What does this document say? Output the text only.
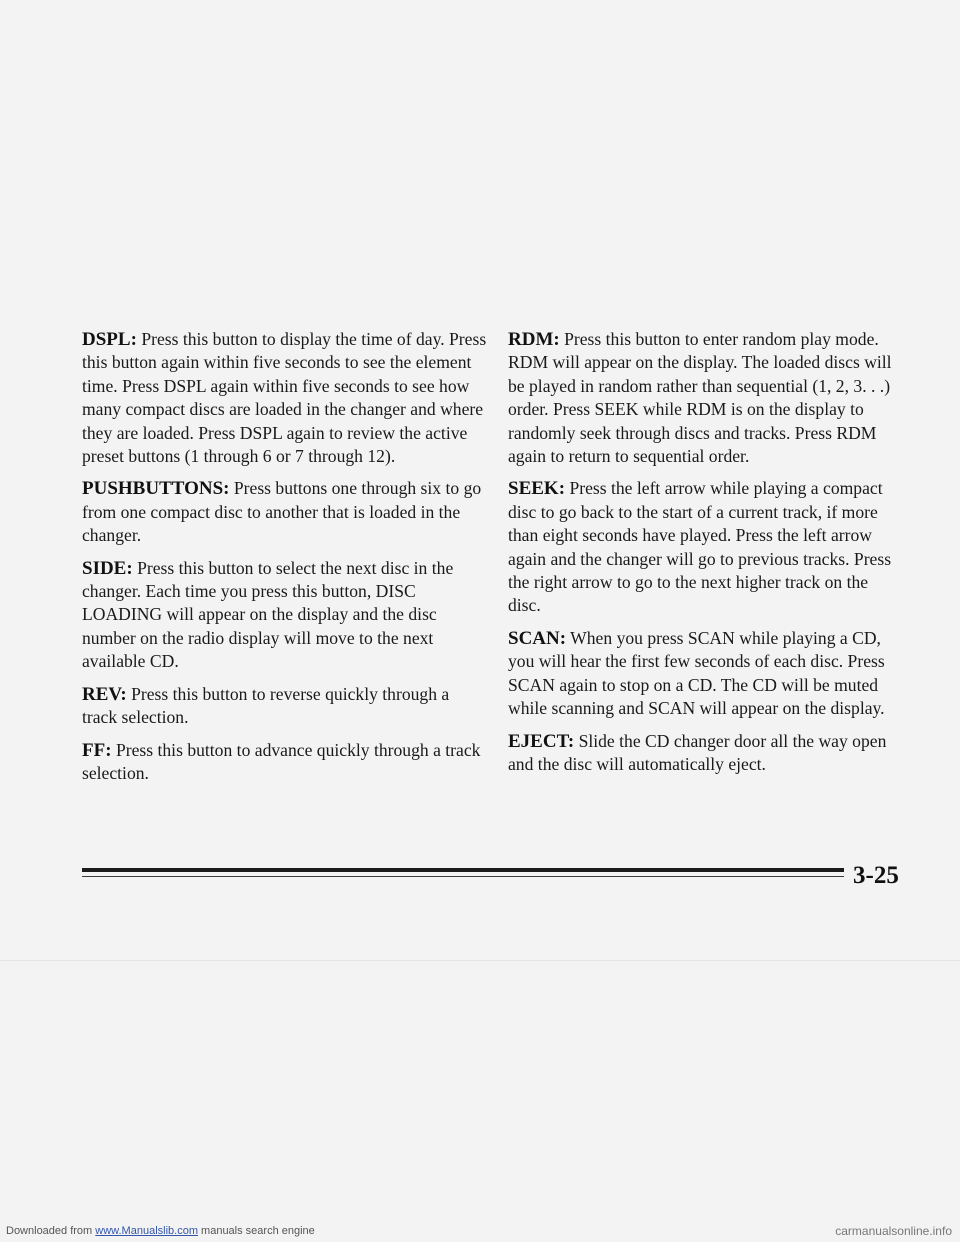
DSPL: Press this button to display the time of day. Press this button again within five seconds to see the element time. Press DSPL again within five seconds to see how many compact discs are loaded in the changer and where they are loaded. Press DSPL again to review the active preset buttons (1 through 6 or 7 through 12).

PUSHBUTTONS: Press buttons one through six to go from one compact disc to another that is loaded in the changer.

SIDE: Press this button to select the next disc in the changer. Each time you press this button, DISC LOADING will appear on the display and the disc number on the radio display will move to the next available CD.

REV: Press this button to reverse quickly through a track selection.

FF: Press this button to advance quickly through a track selection.

RDM: Press this button to enter random play mode. RDM will appear on the display. The loaded discs will be played in random rather than sequential (1, 2, 3. . .) order. Press SEEK while RDM is on the display to randomly seek through discs and tracks. Press RDM again to return to sequential order.

SEEK: Press the left arrow while playing a compact disc to go back to the start of a current track, if more than eight seconds have played. Press the left arrow again and the changer will go to previous tracks. Press the right arrow to go to the next higher track on the disc.

SCAN: When you press SCAN while playing a CD, you will hear the first few seconds of each disc. Press SCAN again to stop on a CD. The CD will be muted while scanning and SCAN will appear on the display.

EJECT: Slide the CD changer door all the way open and the disc will automatically eject.

3-25
Downloaded from www.Manualslib.com manuals search engine	carmanualsonline.info
